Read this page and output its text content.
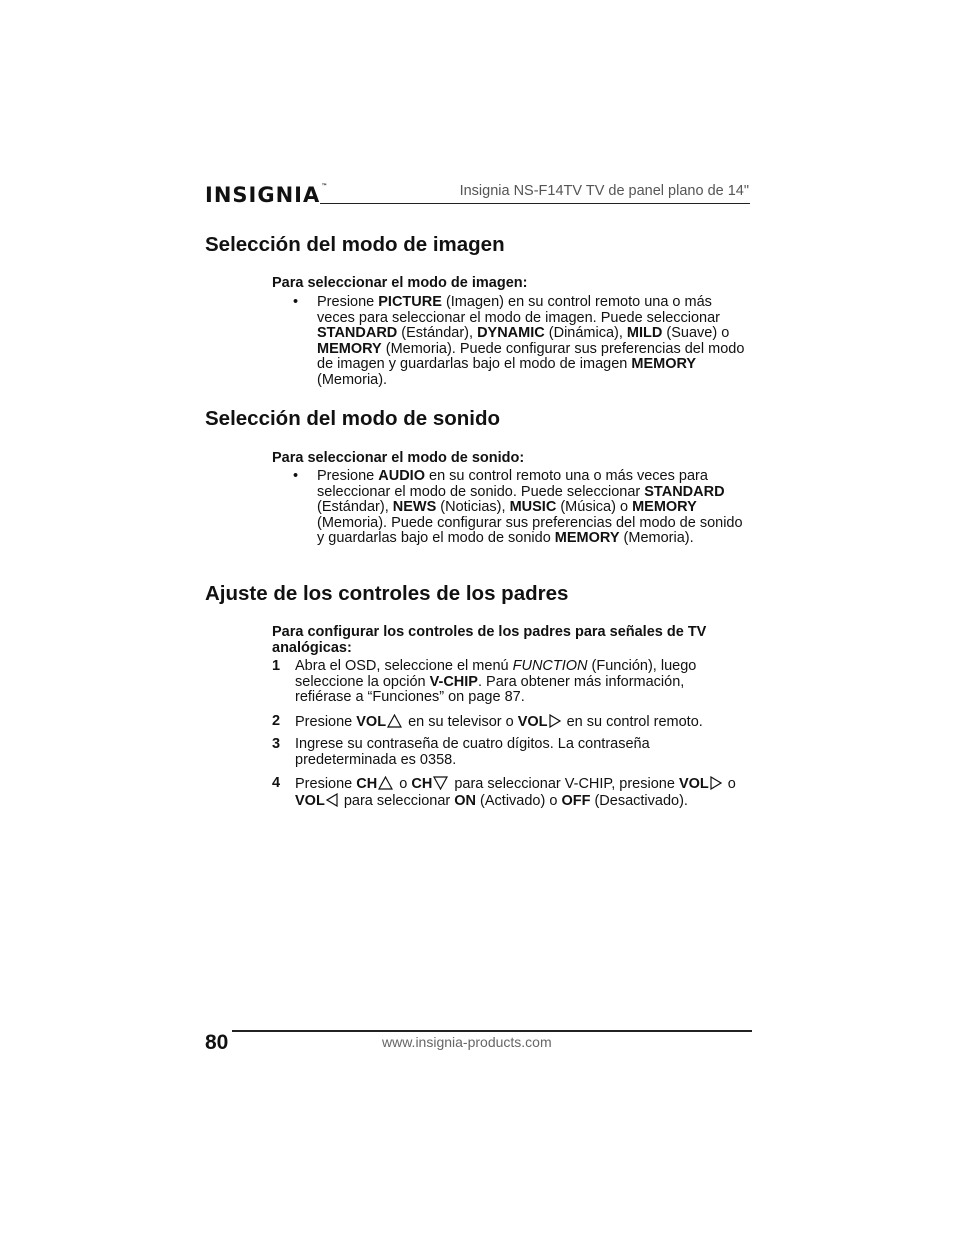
INSIGNIA™	Insignia NS-F14TV TV de panel plano de 14"
Selección del modo de imagen

Para seleccionar el modo de imagen:

• Presione PICTURE (Imagen) en su control remoto una o más veces para seleccionar el modo de imagen. Puede seleccionar STANDARD (Estándar), DYNAMIC (Dinámica), MILD (Suave) o MEMORY (Memoria). Puede configurar sus preferencias del modo de imagen y guardarlas bajo el modo de imagen MEMORY (Memoria).
Selección del modo de sonido

Para seleccionar el modo de sonido:

• Presione AUDIO en su control remoto una o más veces para seleccionar el modo de sonido. Puede seleccionar STANDARD (Estándar), NEWS (Noticias), MUSIC (Música) o MEMORY (Memoria). Puede configurar sus preferencias del modo de sonido y guardarlas bajo el modo de sonido MEMORY (Memoria).
Ajuste de los controles de los padres

Para configurar los controles de los padres para señales de TV analógicas:

1 Abra el OSD, seleccione el menú FUNCTION (Función), luego seleccione la opción V-CHIP. Para obtener más información, refiérase a “Funciones” on page 87.
2 Presione VOL en su televisor o VOL en su control remoto.
3 Ingrese su contraseña de cuatro dígitos. La contraseña predeterminada es 0358.
4 Presione CH o CH para seleccionar V-CHIP, presione VOL o VOL para seleccionar ON (Activado) o OFF (Desactivado).
80	www.insignia-products.com
